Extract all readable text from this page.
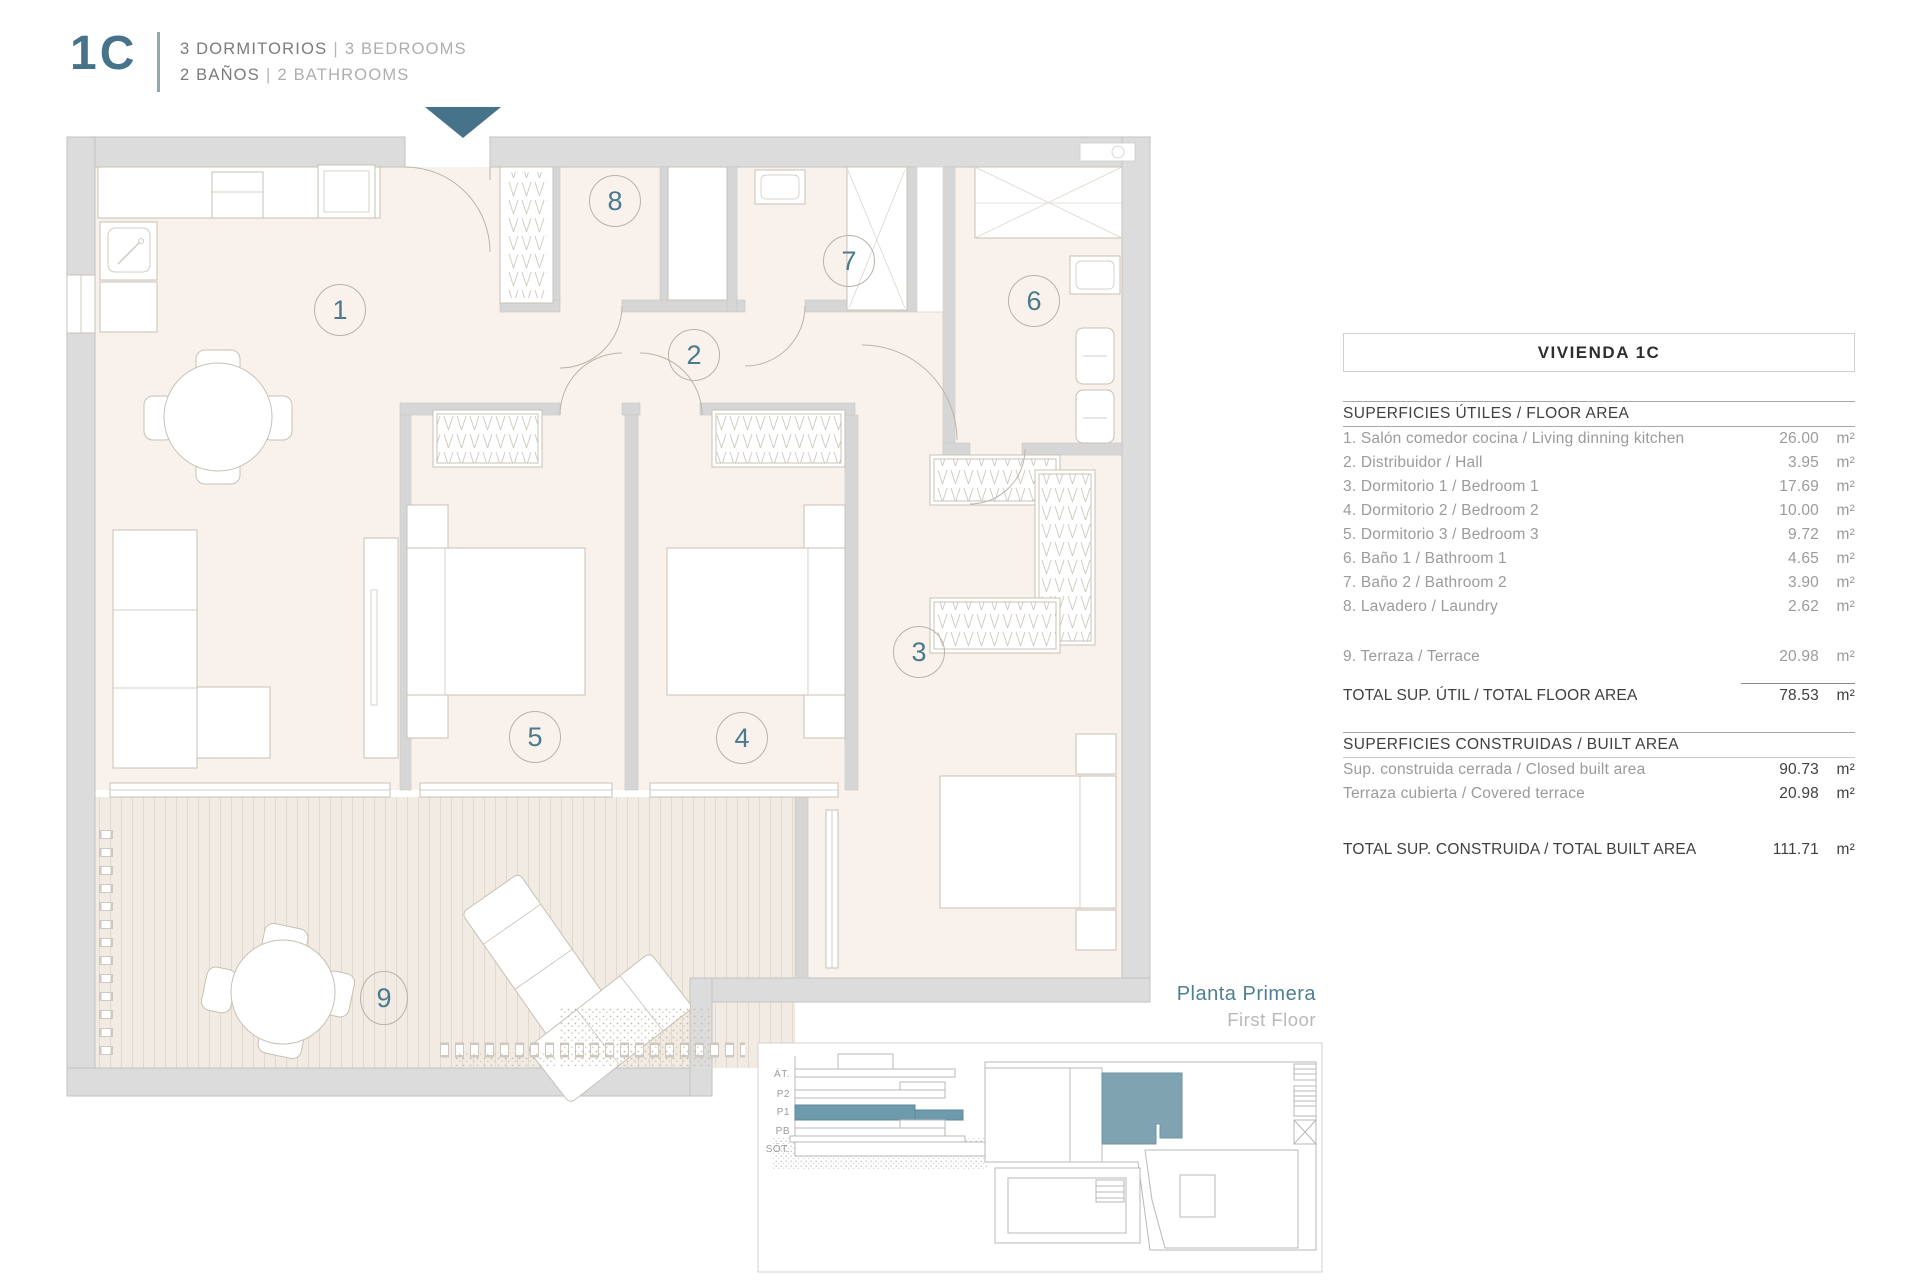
1C	3 DORMITORIOS | 3 BEDROOMS
2 BAÑOS | 2 BATHROOMS
1
2
3
4
5
6
7
8
9	Planta Primera
First Floor
ÁT.
P2
P1
PB
SÓT.
VIVIENDA 1C
SUPERFICIES ÚTILES / FLOOR AREA
1. Salón comedor cocina / Living dinning kitchen	26.00	m²
2. Distribuidor / Hall	3.95	m²
3. Dormitorio 1 / Bedroom 1	17.69	m²
4. Dormitorio 2 / Bedroom 2	10.00	m²
5. Dormitorio 3 / Bedroom 3	9.72	m²
6. Baño 1 / Bathroom 1	4.65	m²
7. Baño 2 / Bathroom 2	3.90	m²
8. Lavadero / Laundry	2.62	m²
9. Terraza / Terrace	20.98	m²
TOTAL SUP. ÚTIL / TOTAL FLOOR AREA	78.53	m²
SUPERFICIES CONSTRUIDAS / BUILT AREA
Sup. construida cerrada / Closed built area	90.73	m²
Terraza cubierta / Covered terrace	20.98	m²
TOTAL SUP. CONSTRUIDA / TOTAL BUILT AREA	111.71	m²
